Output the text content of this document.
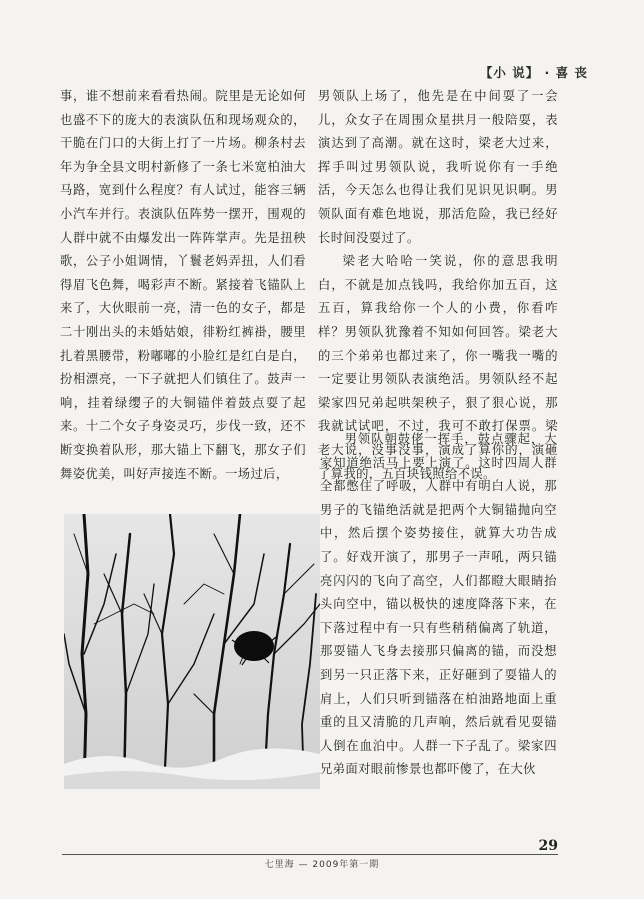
【小 说】 · 喜 丧

事，谁不想前来看看热闹。院里是无论如何也盛不下的庞大的表演队伍和现场观众的，干脆在门口的大街上打了一片场。柳条村去年为争全县文明村新修了一条七米宽柏油大马路，宽到什么程度？有人试过，能容三辆小汽车并行。表演队伍阵势一摆开，围观的人群中就不由爆发出一阵阵掌声。先是扭秧歌，公子小姐调情，丫鬟老妈弄扭，人们看得眉飞色舞，喝彩声不断。紧接着飞锚队上来了，大伙眼前一亮，清一色的女子，都是二十刚出头的未婚姑娘，徘粉红裤褂，腰里扎着黑腰带，粉嘟嘟的小脸红是红白是白，扮相漂亮，一下子就把人们镇住了。鼓声一响，挂着绿缨子的大铜锚伴着鼓点耍了起来。十二个女子身姿灵巧，步伐一致，还不断变换着队形，那大锚上下翻飞，那女子们舞姿优美，叫好声接连不断。一场过后，

男领队上场了，他先是在中间耍了一会儿，众女子在周围众星拱月一般陪耍，表演达到了高潮。就在这时，梁老大过来，挥手叫过男领队说，我听说你有一手绝活，今天怎么也得让我们见识见识啊。男领队面有难色地说，那活危险，我已经好长时间没耍过了。

梁老大哈哈一笑说，你的意思我明白，不就是加点钱吗，我给你加五百，这五百，算我给你一个人的小费，你看咋样？男领队犹豫着不知如何回答。梁老大的三个弟弟也都过来了，你一嘴我一嘴的一定要让男领队表演绝活。男领队经不起梁家四兄弟起哄架秧子，狠了狠心说，那我就试试吧，不过，我可不敢打保票。梁老大说，没事没事，演成了算你的，演砸了算我的，五百块钱照给不误。

男领队朝鼓佬一挥手，鼓点骤起，大家知道绝活马上要上演了。这时四周人群全都憋住了呼吸，人群中有明白人说，那男子的飞锚绝活就是把两个大铜锚抛向空中，然后摆个姿势接住，就算大功告成了。好戏开演了，那男子一声吼，两只锚亮闪闪的飞向了高空，人们都瞪大眼睛抬头向空中，锚以极快的速度降落下来，在下落过程中有一只有些稍稍偏离了轨道，那耍锚人飞身去接那只偏离的锚，而没想到另一只正落下来，正好砸到了耍锚人的肩上，人们只听到锚落在柏油路地面上重重的且又清脆的几声响，然后就看见耍锚人倒在血泊中。人群一下子乱了。梁家四兄弟面对眼前惨景也都吓傻了，在大伙

29
七里海 — 2009年第一期
